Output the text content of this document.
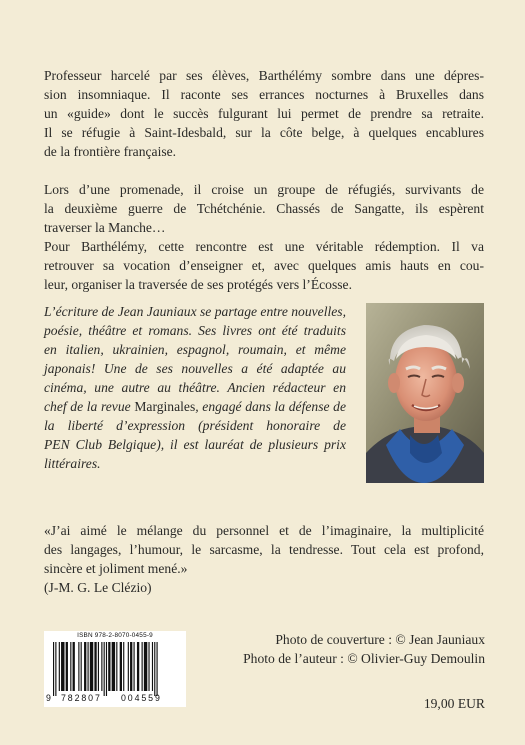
Professeur harcelé par ses élèves, Barthélémy sombre dans une dépres-
sion insomniaque. Il raconte ses errances nocturnes à Bruxelles dans
un «guide» dont le succès fulgurant lui permet de prendre sa retraite.
Il se réfugie à Saint-Idesbald, sur la côte belge, à quelques encablures
de la frontière française.

Lors d’une promenade, il croise un groupe de réfugiés, survivants de
la deuxième guerre de Tchétchénie. Chassés de Sangatte, ils espèrent
traverser la Manche…

Pour Barthélémy, cette rencontre est une véritable rédemption. Il va
retrouver sa vocation d’enseigner et, avec quelques amis hauts en cou-
leur, organiser la traversée de ses protégés vers l’Écosse.

L’écriture de Jean Jauniaux se partage entre nouvelles,
poésie, théâtre et romans. Ses livres ont été traduits
en italien, ukrainien, espagnol, roumain, et même
japonais! Une de ses nouvelles a été adaptée au
cinéma, une autre au théâtre. Ancien rédacteur en
chef de la revue Marginales, engagé dans la défense de
la liberté d’expression (président honoraire de
PEN Club Belgique), il est lauréat de plusieurs prix
littéraires.

«J’ai aimé le mélange du personnel et de l’imaginaire, la multiplicité
des langages, l’humour, le sarcasme, la tendresse. Tout cela est profond,
sincère et joliment mené.»
(J-M. G. Le Clézio)

ISBN 978-2-8070-0455-9
9 782807 004559

Photo de couverture : © Jean Jauniaux

Photo de l’auteur : © Olivier-Guy Demoulin

19,00 EUR
